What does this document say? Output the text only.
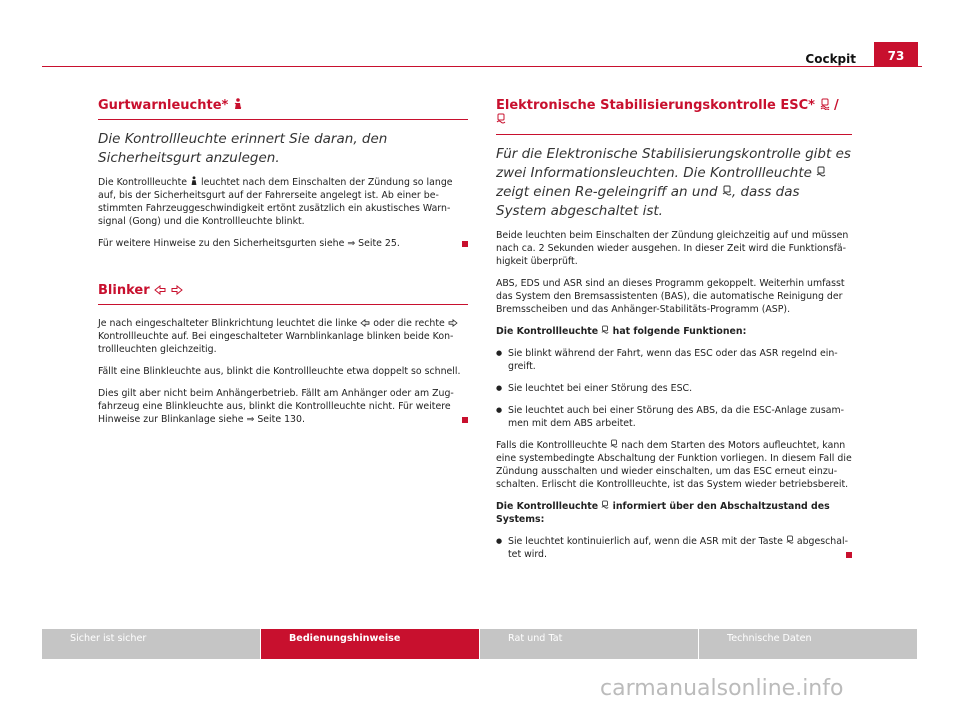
Cockpit	73
Gurtwarnleuchte*
Die Kontrollleuchte erinnert Sie daran, den Sicherheitsgurt anzulegen.

Die Kontrollleuchte leuchtet nach dem Einschalten der Zündung so lange auf, bis der Sicherheitsgurt auf der Fahrerseite angelegt ist. Ab einer be-stimmten Fahrzeuggeschwindigkeit ertönt zusätzlich ein akustisches Warn-signal (Gong) und die Kontrollleuchte blinkt.

Für weitere Hinweise zu den Sicherheitsgurten siehe ⇒ Seite 25.

Blinker

Je nach eingeschalteter Blinkrichtung leuchtet die linke oder die rechte  Kontrollleuchte auf. Bei eingeschalteter Warnblinkanlage blinken beide Kon-trollleuchten gleichzeitig.

Fällt eine Blinkleuchte aus, blinkt die Kontrollleuchte etwa doppelt so schnell.

Dies gilt aber nicht beim Anhängerbetrieb. Fällt am Anhänger oder am Zug-fahrzeug eine Blinkleuchte aus, blinkt die Kontrollleuchte nicht. Für weitere Hinweise zur Blinkanlage siehe ⇒ Seite 130.

Elektronische Stabilisierungskontrolle ESC* /
Für die Elektronische Stabilisierungskontrolle gibt es zwei Informationsleuchten. Die Kontrollleuchte  zeigt einen Re-geleingriff an und , dass das System abgeschaltet ist.

Beide leuchten beim Einschalten der Zündung gleichzeitig auf und müssen nach ca. 2 Sekunden wieder ausgehen. In dieser Zeit wird die Funktionsfä-higkeit überprüft.

ABS, EDS und ASR sind an dieses Programm gekoppelt. Weiterhin umfasst das System den Bremsassistenten (BAS), die automatische Reinigung der Bremsscheiben und das Anhänger-Stabilitäts-Programm (ASP).

Die Kontrollleuchte hat folgende Funktionen:

● Sie blinkt während der Fahrt, wenn das ESC oder das ASR regelnd ein-greift.

● Sie leuchtet bei einer Störung des ESC.

● Sie leuchtet auch bei einer Störung des ABS, da die ESC-Anlage zusam-men mit dem ABS arbeitet.

Falls die Kontrollleuchte nach dem Starten des Motors aufleuchtet, kann eine systembedingte Abschaltung der Funktion vorliegen. In diesem Fall die Zündung ausschalten und wieder einschalten, um das ESC erneut einzu-schalten. Erlischt die Kontrollleuchte, ist das System wieder betriebsbereit.

Die Kontrollleuchte informiert über den Abschaltzustand des Systems:

● Sie leuchtet kontinuierlich auf, wenn die ASR mit der Taste abgeschal-tet wird.

Sicher ist sicher	Bedienungshinweise	Rat und Tat	Technische Daten
carmanualsonline.info
